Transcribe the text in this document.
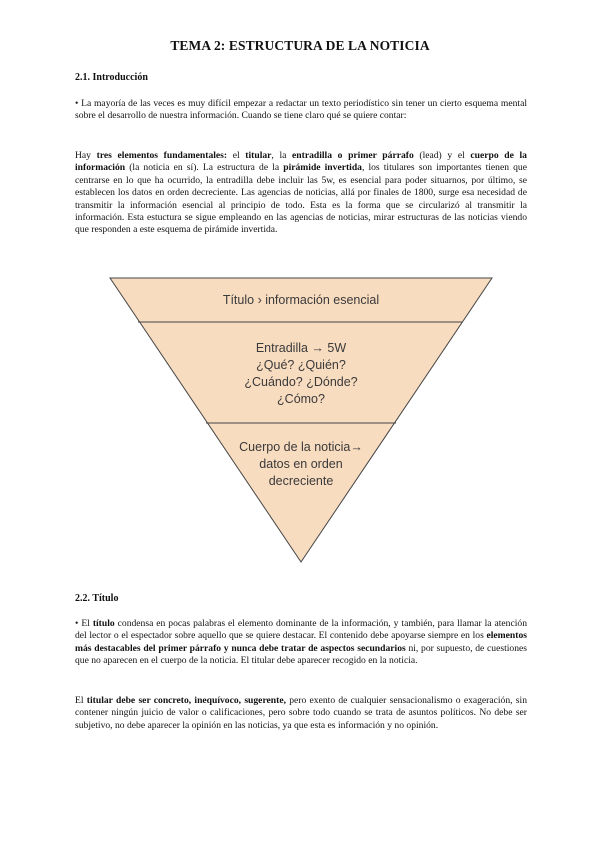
TEMA 2: ESTRUCTURA DE LA NOTICIA
2.1. Introducción
• La mayoría de las veces es muy difícil empezar a redactar un texto periodístico sin tener un cierto esquema mental sobre el desarrollo de nuestra información. Cuando se tiene claro qué se quiere contar:
Hay tres elementos fundamentales: el titular, la entradilla o primer párrafo (lead) y el cuerpo de la información (la noticia en sí). La estructura de la pirámide invertida, los titulares son importantes tienen que centrarse en lo que ha ocurrido, la entradilla debe incluir las 5w, es esencial para poder situarnos, por último, se establecen los datos en orden decreciente. Las agencias de noticias, allá por finales de 1800, surge esa necesidad de transmitir la información esencial al principio de todo. Esta es la forma que se circularizó al transmitir la información. Esta estuctura se sigue empleando en las agencias de noticias, mirar estructuras de las noticias viendo que responden a este esquema de pirámide invertida.
Título › información esencial
Entradilla → 5W
¿Qué? ¿Quién?
¿Cuándo? ¿Dónde?
¿Cómo?
Cuerpo de la noticia→
datos en orden
decreciente
2.2. Título
• El título condensa en pocas palabras el elemento dominante de la información, y también, para llamar la atención del lector o el espectador sobre aquello que se quiere destacar. El contenido debe apoyarse siempre en los elementos más destacables del primer párrafo y nunca debe tratar de aspectos secundarios ni, por supuesto, de cuestiones que no aparecen en el cuerpo de la noticia. El titular debe aparecer recogido en la noticia.
El titular debe ser concreto, inequívoco, sugerente, pero exento de cualquier sensacionalismo o exageración, sin contener ningún juicio de valor o calificaciones, pero sobre todo cuando se trata de asuntos políticos. No debe ser subjetivo, no debe aparecer la opinión en las noticias, ya que esta es información y no opinión.
